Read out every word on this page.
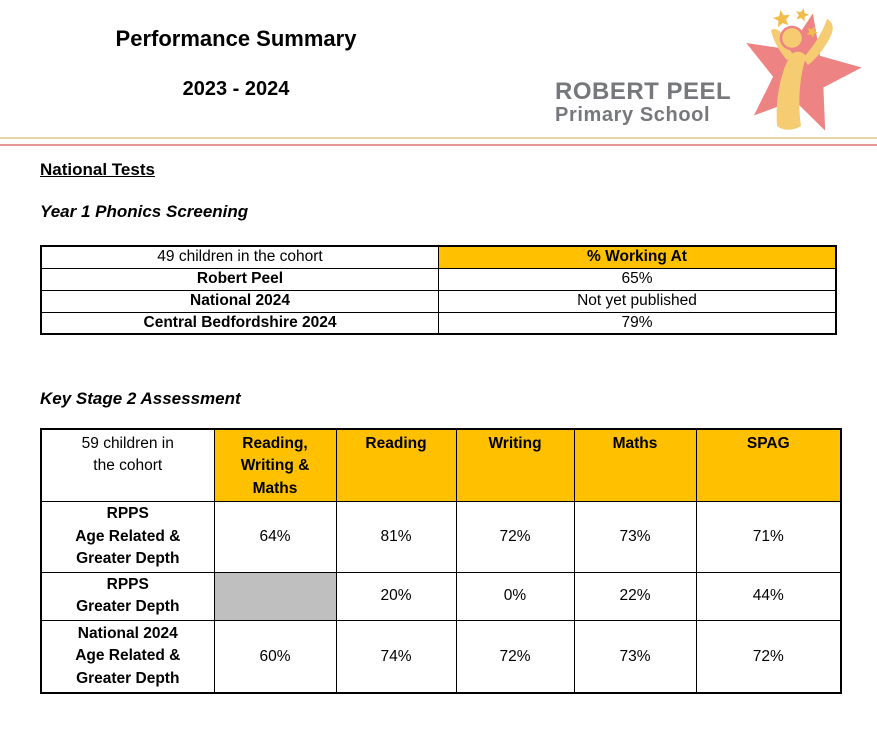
Performance Summary
2023 - 2024	ROBERT PEEL
Primary School
National Tests
Year 1 Phonics Screening
49 children in the cohort	% Working At
Robert Peel	65%
National 2024	Not yet published
Central Bedfordshire 2024	79%
Key Stage 2 Assessment
59 children in
the cohort	Reading, Writing & Maths	Reading	Writing	Maths	SPAG

RPPS
Age Related &
Greater Depth	64%	81%	72%	73%	71%

RPPS
Greater Depth		20%	0%	22%	44%

National 2024
Age Related &
Greater Depth	60%	74%	72%	73%	72%
